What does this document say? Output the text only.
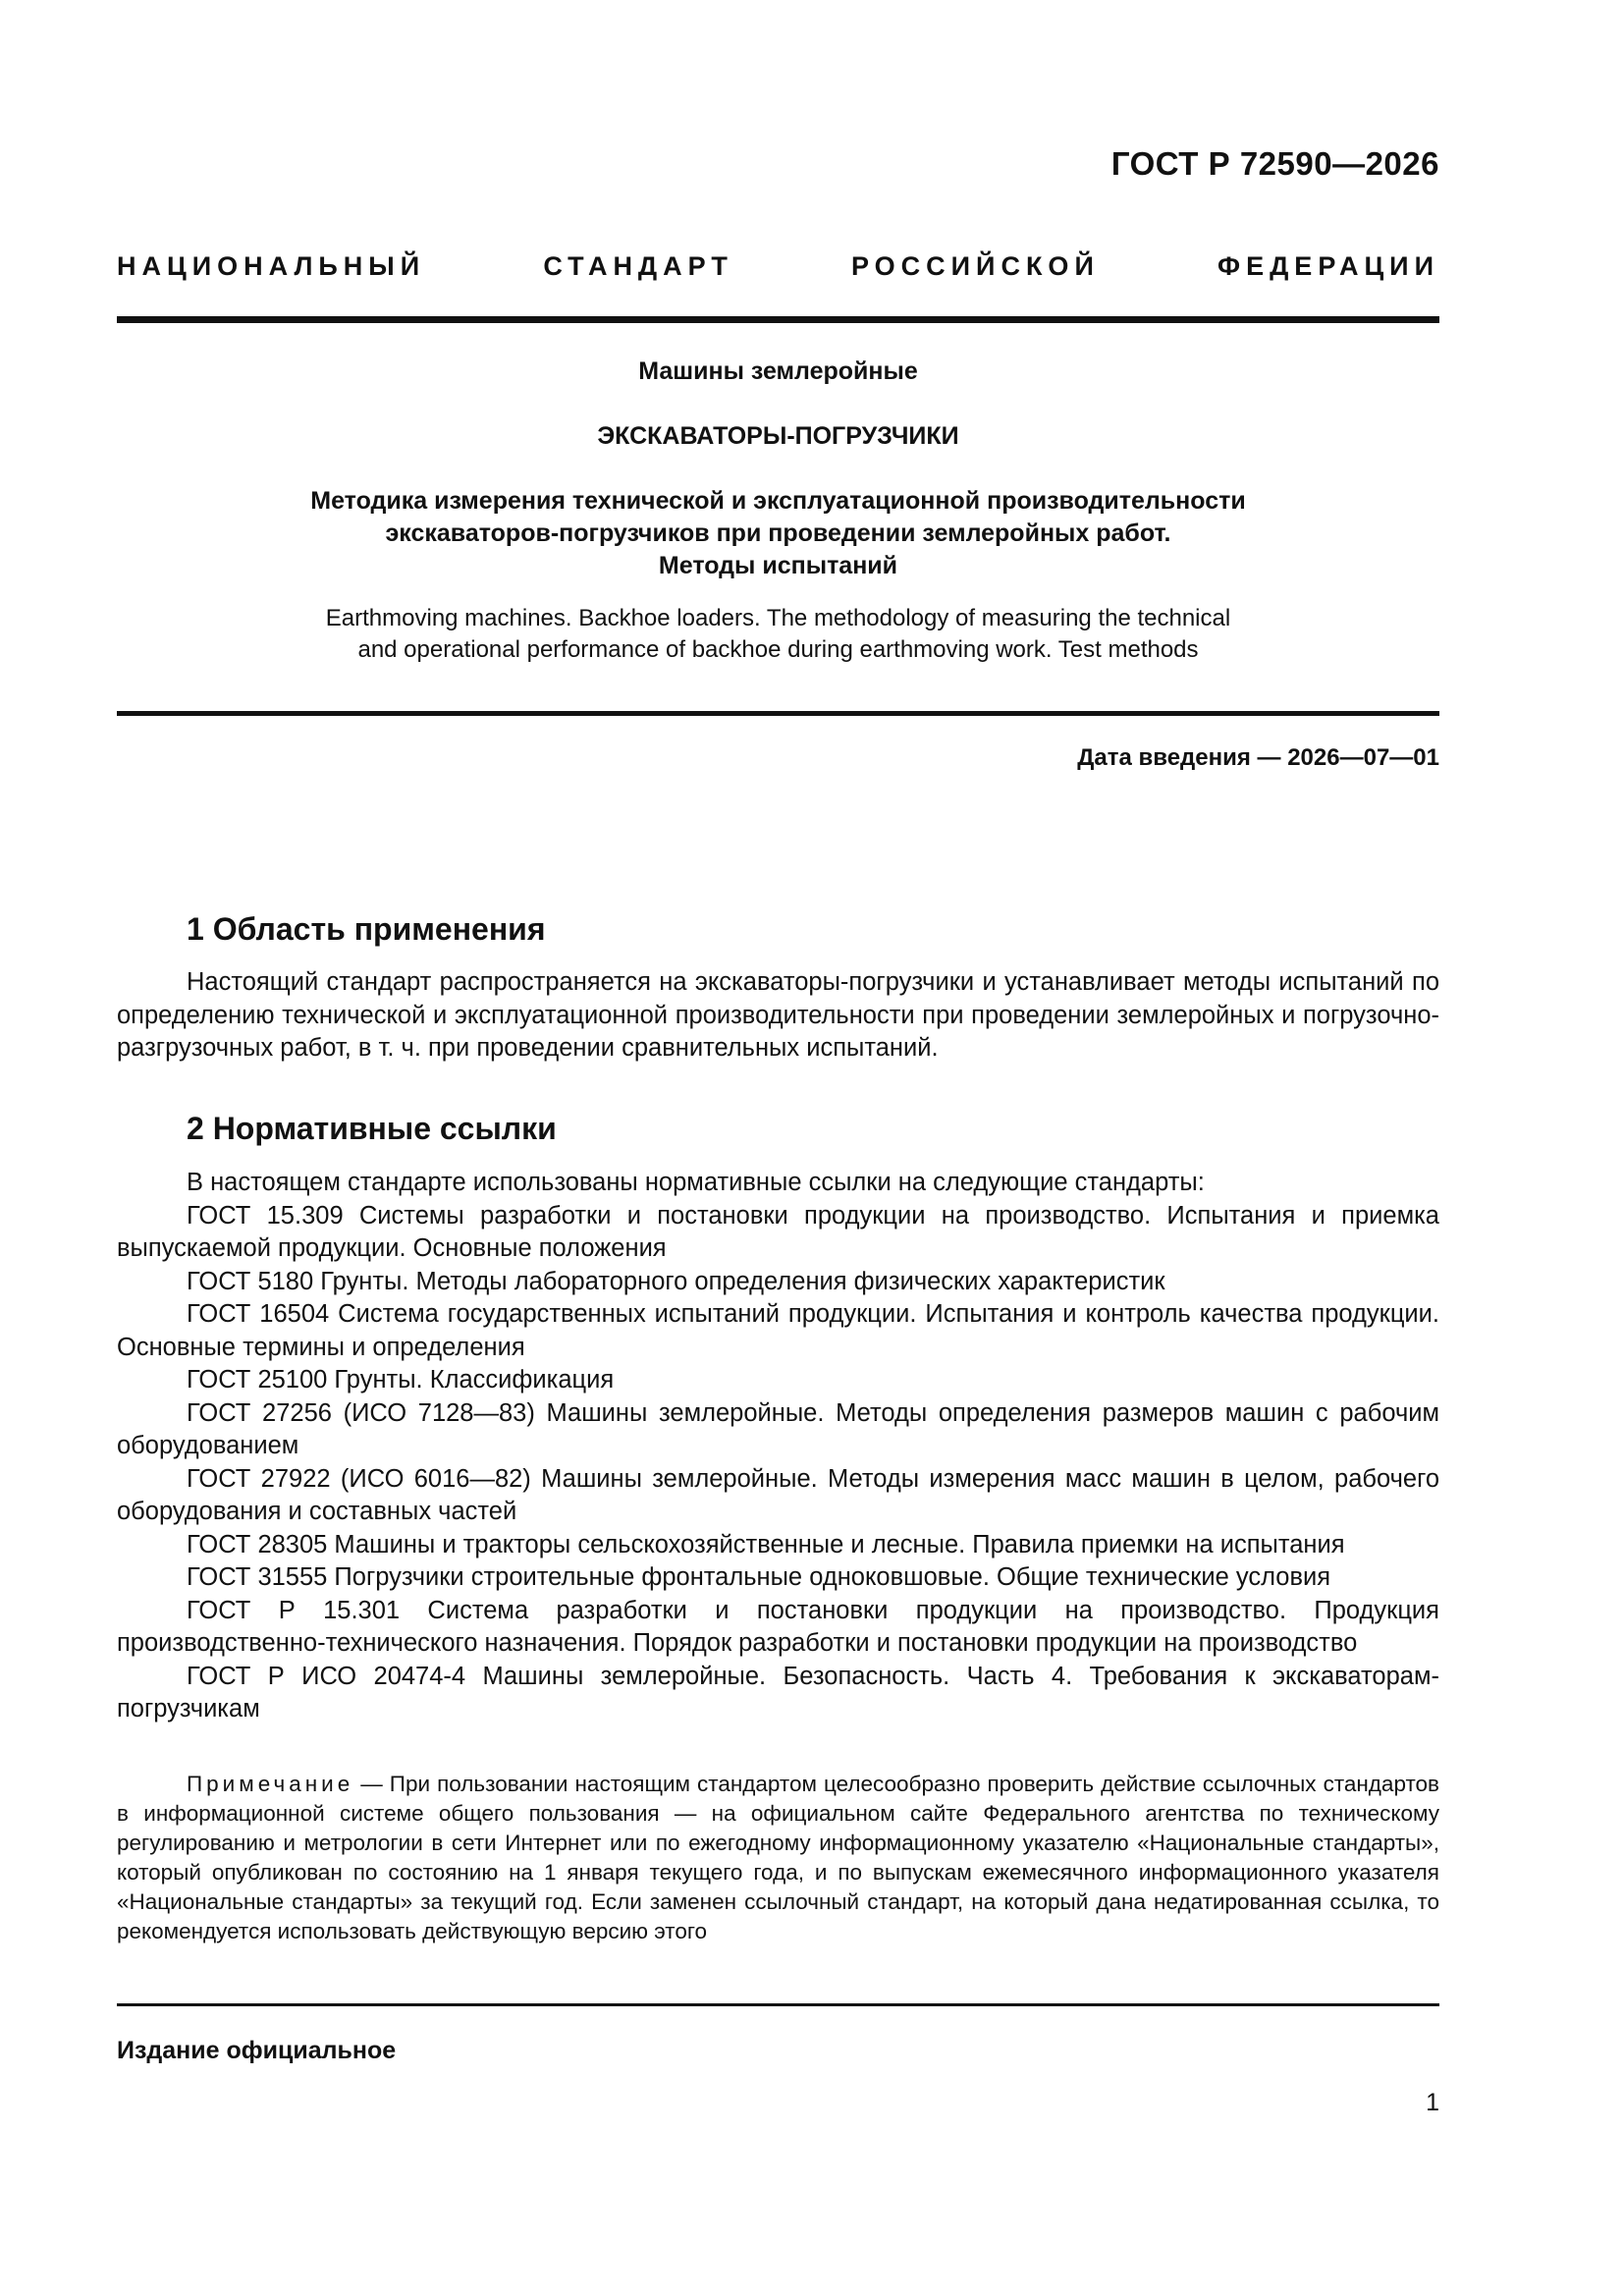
ГОСТ Р 72590—2026
НАЦИОНАЛЬНЫЙ СТАНДАРТ РОССИЙСКОЙ ФЕДЕРАЦИИ
Машины землеройные
ЭКСКАВАТОРЫ-ПОГРУЗЧИКИ
Методика измерения технической и эксплуатационной производительности
экскаваторов-погрузчиков при проведении землеройных работ.
Методы испытаний
Earthmoving machines. Backhoe loaders. The methodology of measuring the technical
and operational performance of backhoe during earthmoving work. Test methods
Дата введения — 2026—07—01
1 Область применения

Настоящий стандарт распространяется на экскаваторы-погрузчики и устанавливает методы испытаний по определению технической и эксплуатационной производительности при проведении землеройных и погрузочно-разгрузочных работ, в т. ч. при проведении сравнительных испытаний.

2 Нормативные ссылки

В настоящем стандарте использованы нормативные ссылки на следующие стандарты:

ГОСТ 15.309 Системы разработки и постановки продукции на производство. Испытания и приемка выпускаемой продукции. Основные положения

ГОСТ 5180 Грунты. Методы лабораторного определения физических характеристик

ГОСТ 16504 Система государственных испытаний продукции. Испытания и контроль качества продукции. Основные термины и определения

ГОСТ 25100 Грунты. Классификация

ГОСТ 27256 (ИСО 7128—83) Машины землеройные. Методы определения размеров машин с рабочим оборудованием

ГОСТ 27922 (ИСО 6016—82) Машины землеройные. Методы измерения масс машин в целом, рабочего оборудования и составных частей

ГОСТ 28305 Машины и тракторы сельскохозяйственные и лесные. Правила приемки на испытания

ГОСТ 31555 Погрузчики строительные фронтальные одноковшовые. Общие технические условия

ГОСТ Р 15.301 Система разработки и постановки продукции на производство. Продукция производственно-технического назначения. Порядок разработки и постановки продукции на производство

ГОСТ Р ИСО 20474-4 Машины землеройные. Безопасность. Часть 4. Требования к экскаваторам-погрузчикам

Примечание — При пользовании настоящим стандартом целесообразно проверить действие ссылочных стандартов в информационной системе общего пользования — на официальном сайте Федерального агентства по техническому регулированию и метрологии в сети Интернет или по ежегодному информационному указателю «Национальные стандарты», который опубликован по состоянию на 1 января текущего года, и по выпускам ежемесячного информационного указателя «Национальные стандарты» за текущий год. Если заменен ссылочный стандарт, на который дана недатированная ссылка, то рекомендуется использовать действующую версию этого

Издание официальное
1
